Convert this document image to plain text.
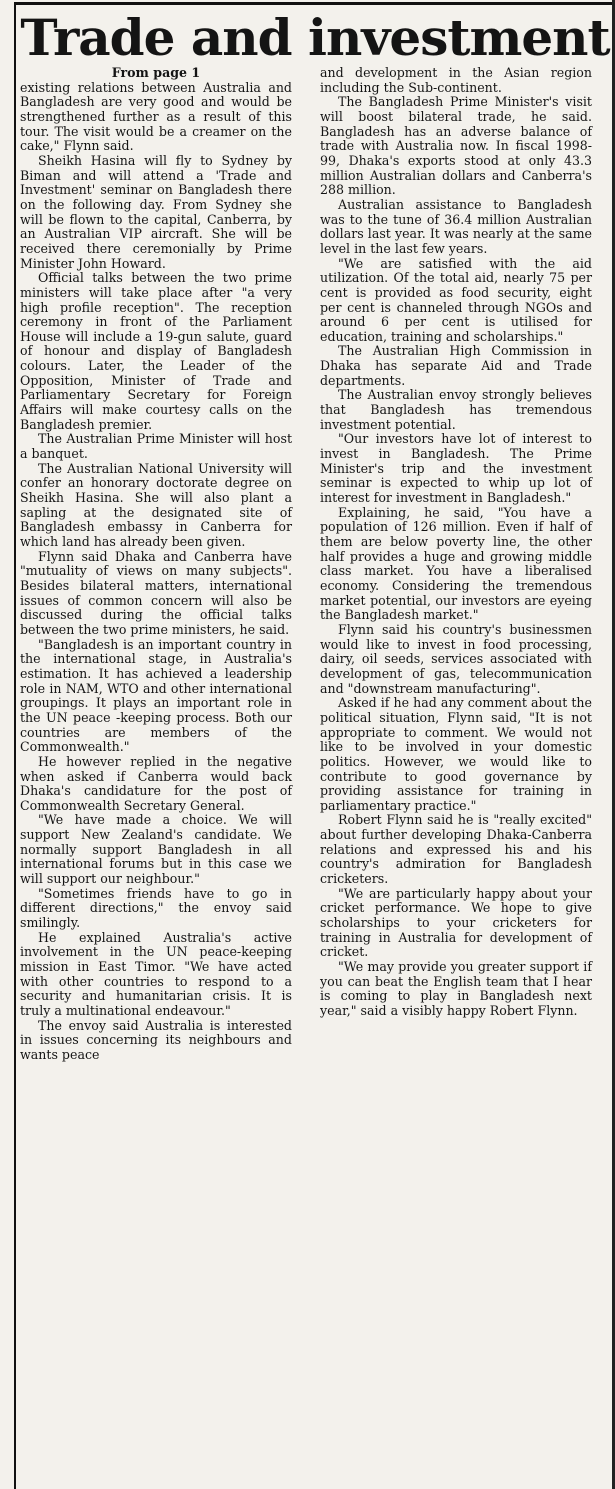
Trade and investment

From page 1

existing relations between Australia and Bangladesh are very good and would be strengthened further as a result of this tour. The visit would be a creamer on the cake," Flynn said.

Sheikh Hasina will fly to Sydney by Biman and will attend a 'Trade and Investment' seminar on Bangladesh there on the following day. From Sydney she will be flown to the capital, Canberra, by an Australian VIP aircraft. She will be received there ceremonially by Prime Minister John Howard.

Official talks between the two prime ministers will take place after "a very high profile reception". The reception ceremony in front of the Parliament House will include a 19-gun salute, guard of honour and display of Bangladesh colours. Later, the Leader of the Opposition, Minister of Trade and Parliamentary Secretary for Foreign Affairs will make courtesy calls on the Bangladesh premier.

The Australian Prime Minister will host a banquet.

The Australian National University will confer an honorary doctorate degree on Sheikh Hasina. She will also plant a sapling at the designated site of Bangladesh embassy in Canberra for which land has already been given.

Flynn said Dhaka and Canberra have "mutuality of views on many subjects". Besides bilateral matters, international issues of common concern will also be discussed during the official talks between the two prime ministers, he said.

"Bangladesh is an important country in the international stage, in Australia's estimation. It has achieved a leadership role in NAM, WTO and other international groupings. It plays an important role in the UN peace -keeping process. Both our countries are members of the Commonwealth."

He however replied in the negative when asked if Canberra would back Dhaka's candidature for the post of Commonwealth Secretary General.

"We have made a choice. We will support New Zealand's candidate. We normally support Bangladesh in all international forums but in this case we will support our neighbour."

"Sometimes friends have to go in different directions," the envoy said smilingly.

He explained Australia's active involvement in the UN peace-keeping mission in East Timor. "We have acted with other countries to respond to a security and humanitarian crisis. It is truly a multinational endeavour."

The envoy said Australia is interested in issues concerning its neighbours and wants peace

and development in the Asian region including the Sub-continent.

The Bangladesh Prime Minister's visit will boost bilateral trade, he said. Bangladesh has an adverse balance of trade with Australia now. In fiscal 1998-99, Dhaka's exports stood at only 43.3 million Australian dollars and Canberra's 288 million.

Australian assistance to Bangladesh was to the tune of 36.4 million Australian dollars last year. It was nearly at the same level in the last few years.

"We are satisfied with the aid utilization. Of the total aid, nearly 75 per cent is provided as food security, eight per cent is channeled through NGOs and around 6 per cent is utilised for education, training and scholarships."

The Australian High Commission in Dhaka has separate Aid and Trade departments.

The Australian envoy strongly believes that Bangladesh has tremendous investment potential.

"Our investors have lot of interest to invest in Bangladesh. The Prime Minister's trip and the investment seminar is expected to whip up lot of interest for investment in Bangladesh."

Explaining, he said, "You have a population of 126 million. Even if half of them are below poverty line, the other half provides a huge and growing middle class market. You have a liberalised economy. Considering the tremendous market potential, our investors are eyeing the Bangladesh market."

Flynn said his country's businessmen would like to invest in food processing, dairy, oil seeds, services associated with development of gas, telecommunication and "downstream manufacturing".

Asked if he had any comment about the political situation, Flynn said, "It is not appropriate to comment. We would not like to be involved in your domestic politics. However, we would like to contribute to good governance by providing assistance for training in parliamentary practice."

Robert Flynn said he is "really excited" about further developing Dhaka-Canberra relations and expressed his and his country's admiration for Bangladesh cricketers.

"We are particularly happy about your cricket performance. We hope to give scholarships to your cricketers for training in Australia for development of cricket.

"We may provide you greater support if you can beat the English team that I hear is coming to play in Bangladesh next year," said a visibly happy Robert Flynn.
